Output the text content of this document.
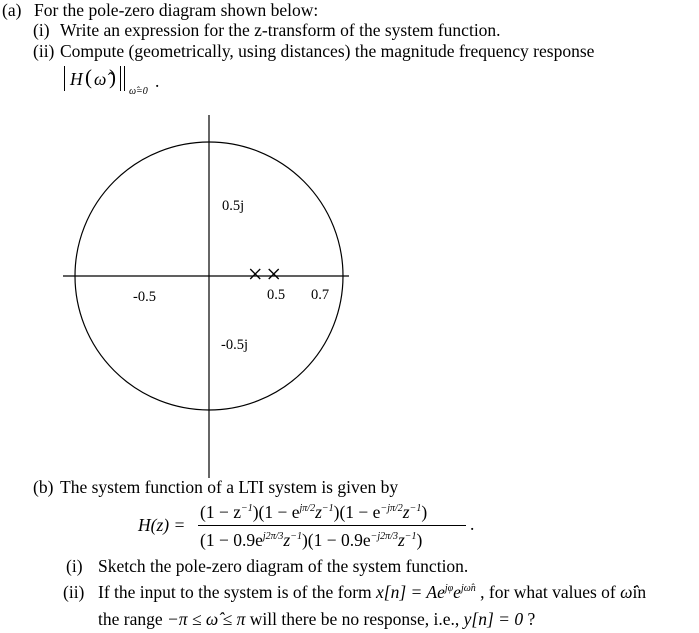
(a) For the pole-zero diagram shown below:
(i) Write an expression for the z-transform of the system function.
(ii) Compute (geometrically, using distances) the magnitude frequency response
H ( ω̂ )
ω̂=0
.
0.5j
-0.5j
-0.5	0.5 0.7
(b) The system function of a LTI system is given by
H(z) =
$(1 - z^{-1})(1 - e^{j\pi/2}z^{-1})(1 - e^{-j\pi/2}z^{-1})$
$(1 - 0.9e^{j2\pi/3}z^{-1})(1 - 0.9e^{-j2\pi/3}z^{-1})$
.
(i) Sketch the pole-zero diagram of the system function.
(ii) If the input to the system is of the form $x[n] = Ae^{j\varphi}e^{j\omegân}$ , for what values of ω̂in
the range −π ≤ ω̂ ≤ π will there be no response, i.e., y[n] = 0 ?
